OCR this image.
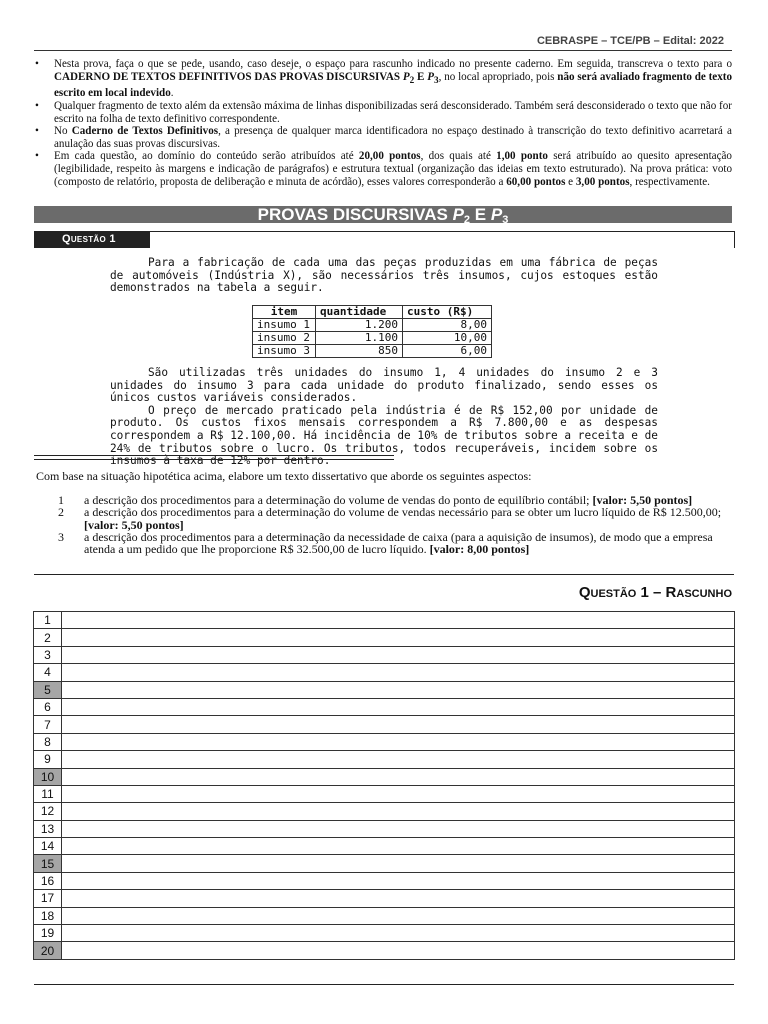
CEBRASPE – TCE/PB – Edital: 2022
• Nesta prova, faça o que se pede, usando, caso deseje, o espaço para rascunho indicado no presente caderno. Em seguida, transcreva o texto para o CADERNO DE TEXTOS DEFINITIVOS DAS PROVAS DISCURSIVAS $P_2$ E $P_3$, no local apropriado, pois não será avaliado fragmento de texto escrito em local indevido.
• Qualquer fragmento de texto além da extensão máxima de linhas disponibilizadas será desconsiderado. Também será desconsiderado o texto que não for escrito na folha de texto definitivo correspondente.
• No Caderno de Textos Definitivos, a presença de qualquer marca identificadora no espaço destinado à transcrição do texto definitivo acarretará a anulação das suas provas discursivas.
• Em cada questão, ao domínio do conteúdo serão atribuídos até 20,00 pontos, dos quais até 1,00 ponto será atribuído ao quesito apresentação (legibilidade, respeito às margens e indicação de parágrafos) e estrutura textual (organização das ideias em texto estruturado). Na prova prática: voto (composto de relatório, proposta de deliberação e minuta de acórdão), esses valores corresponderão a 60,00 pontos e 3,00 pontos, respectivamente.
PROVAS DISCURSIVAS $P_2$ E $P_3$
Questão 1

Para a fabricação de cada uma das peças produzidas em uma fábrica de peças de automóveis (Indústria X), são necessários três insumos, cujos estoques estão demonstrados na tabela a seguir.

item	quantidade	custo (R$)
insumo 1	1.200	8,00
insumo 2	1.100	10,00
insumo 3	850	6,00
São utilizadas três unidades do insumo 1, 4 unidades do insumo 2 e 3 unidades do insumo 3 para cada unidade do produto finalizado, sendo esses os únicos custos variáveis considerados.
O preço de mercado praticado pela indústria é de R$ 152,00 por unidade de produto. Os custos fixos mensais correspondem a R$ 7.800,00 e as despesas correspondem a R$ 12.100,00. Há incidência de 10% de tributos sobre a receita e de 24% de tributos sobre o lucro. Os tributos, todos recuperáveis, incidem sobre os insumos à taxa de 12% por dentro.
Com base na situação hipotética acima, elabore um texto dissertativo que aborde os seguintes aspectos:
1	a descrição dos procedimentos para a determinação do volume de vendas do ponto de equilíbrio contábil; [valor: 5,50 pontos]
2	a descrição dos procedimentos para a determinação do volume de vendas necessário para se obter um lucro líquido de R$ 12.500,00; [valor: 5,50 pontos]
3	a descrição dos procedimentos para a determinação da necessidade de caixa (para a aquisição de insumos), de modo que a empresa atenda a um pedido que lhe proporcione R$ 32.500,00 de lucro líquido. [valor: 8,00 pontos]
Questão 1 – Rascunho
1	
2	
3	
4	
5	
6	
7	
8	
9	
10	
11	
12	
13	
14	
15	
16	
17	
18	
19	
20	
